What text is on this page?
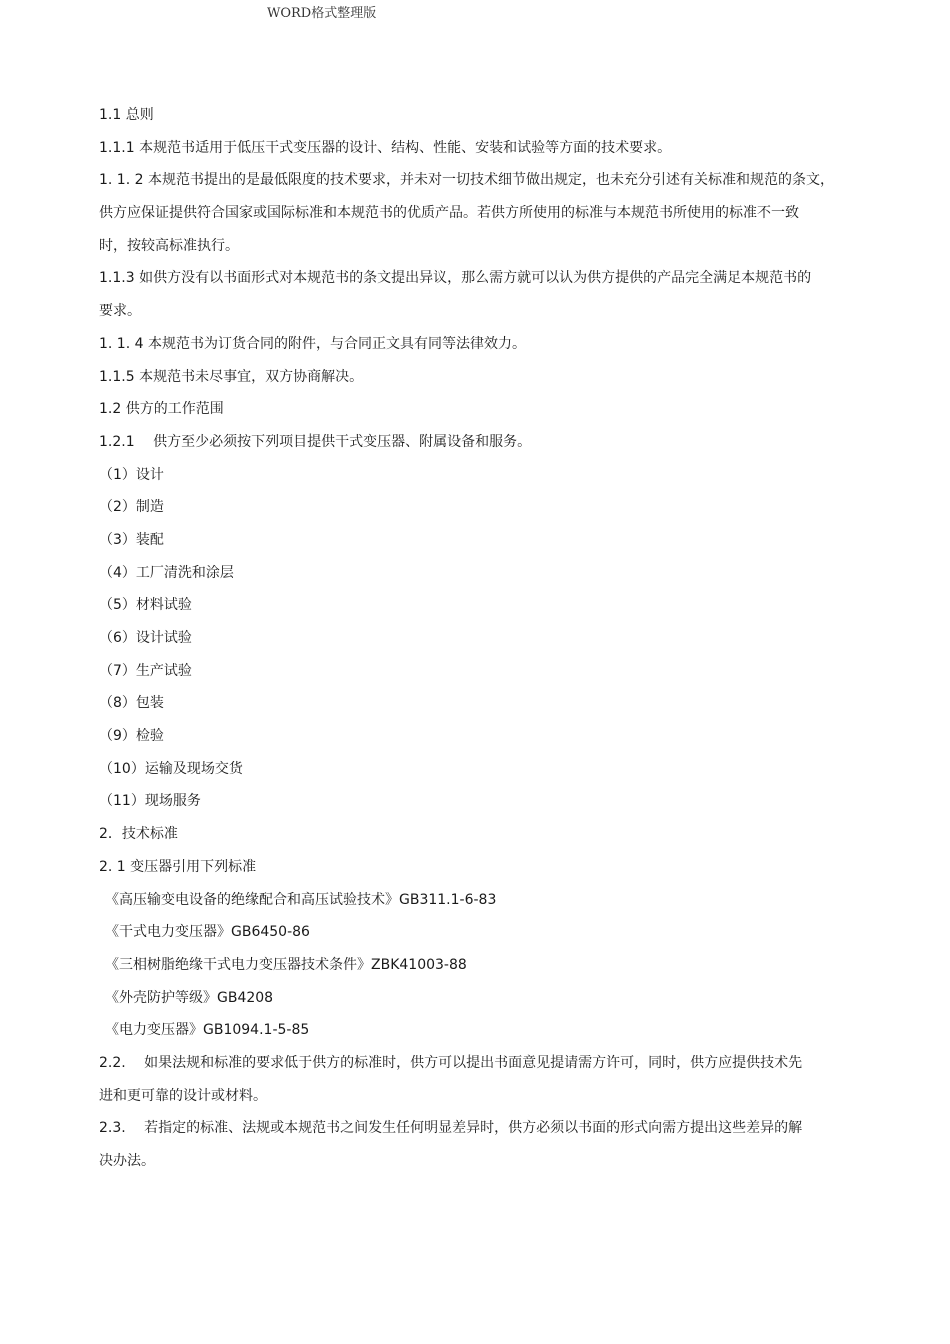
WORD格式整理版
1.1 总则
1.1.1 本规范书适用于低压干式变压器的设计、结构、性能、安装和试验等方面的技术要求。
1. 1. 2 本规范书提出的是最低限度的技术要求，并未对一切技术细节做出规定，也未充分引述有关标准和规范的条文，
供方应保证提供符合国家或国际标准和本规范书的优质产品。若供方所使用的标准与本规范书所使用的标准不一致
时，按较高标准执行。
1.1.3 如供方没有以书面形式对本规范书的条文提出异议，那么需方就可以认为供方提供的产品完全满足本规范书的
要求。
1. 1. 4 本规范书为订货合同的附件，与合同正文具有同等法律效力。
1.1.5 本规范书未尽事宜，双方协商解决。
1.2 供方的工作范围
1.2.1　 供方至少必须按下列项目提供干式变压器、附属设备和服务。
（1）设计
（2）制造
（3）装配
（4）工厂清洗和涂层
（5）材料试验
（6）设计试验
（7）生产试验
（8）包装
（9）检验
（10）运输及现场交货
（11）现场服务
2．技术标准
2. 1 变压器引用下列标准
《高压输变电设备的绝缘配合和高压试验技术》GB311.1-6-83
《干式电力变压器》GB6450-86
《三相树脂绝缘干式电力变压器技术条件》ZBK41003-88
《外壳防护等级》GB4208
《电力变压器》GB1094.1-5-85
2.2.　 如果法规和标准的要求低于供方的标准时，供方可以提出书面意见提请需方许可，同时，供方应提供技术先
进和更可靠的设计或材料。
2.3.　 若指定的标准、法规或本规范书之间发生任何明显差异时，供方必须以书面的形式向需方提出这些差异的解
决办法。
